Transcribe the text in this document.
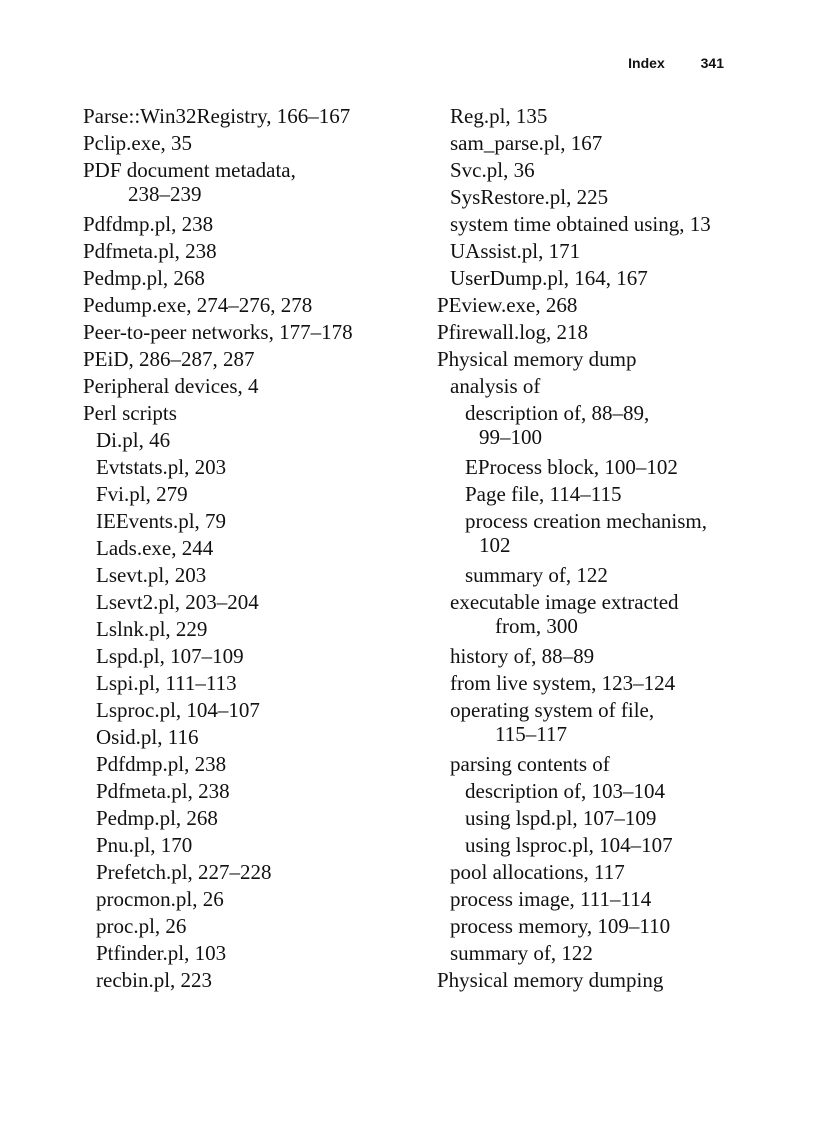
Index	341
Parse::Win32Registry, 166–167
Pclip.exe, 35
PDF document metadata,
238–239
Pdfdmp.pl, 238
Pdfmeta.pl, 238
Pedmp.pl, 268
Pedump.exe, 274–276, 278
Peer-to-peer networks, 177–178
PEiD, 286–287, 287
Peripheral devices, 4
Perl scripts
Di.pl, 46
Evtstats.pl, 203
Fvi.pl, 279
IEEvents.pl, 79
Lads.exe, 244
Lsevt.pl, 203
Lsevt2.pl, 203–204
Lslnk.pl, 229
Lspd.pl, 107–109
Lspi.pl, 111–113
Lsproc.pl, 104–107
Osid.pl, 116
Pdfdmp.pl, 238
Pdfmeta.pl, 238
Pedmp.pl, 268
Pnu.pl, 170
Prefetch.pl, 227–228
procmon.pl, 26
proc.pl, 26
Ptfinder.pl, 103
recbin.pl, 223
Reg.pl, 135
sam_parse.pl, 167
Svc.pl, 36
SysRestore.pl, 225
system time obtained using, 13
UAssist.pl, 171
UserDump.pl, 164, 167
PEview.exe, 268
Pfirewall.log, 218
Physical memory dump
analysis of
description of, 88–89,
99–100
EProcess block, 100–102
Page file, 114–115
process creation mechanism,
102
summary of, 122
executable image extracted
from, 300
history of, 88–89
from live system, 123–124
operating system of file,
115–117
parsing contents of
description of, 103–104
using lspd.pl, 107–109
using lsproc.pl, 104–107
pool allocations, 117
process image, 111–114
process memory, 109–110
summary of, 122
Physical memory dumping
